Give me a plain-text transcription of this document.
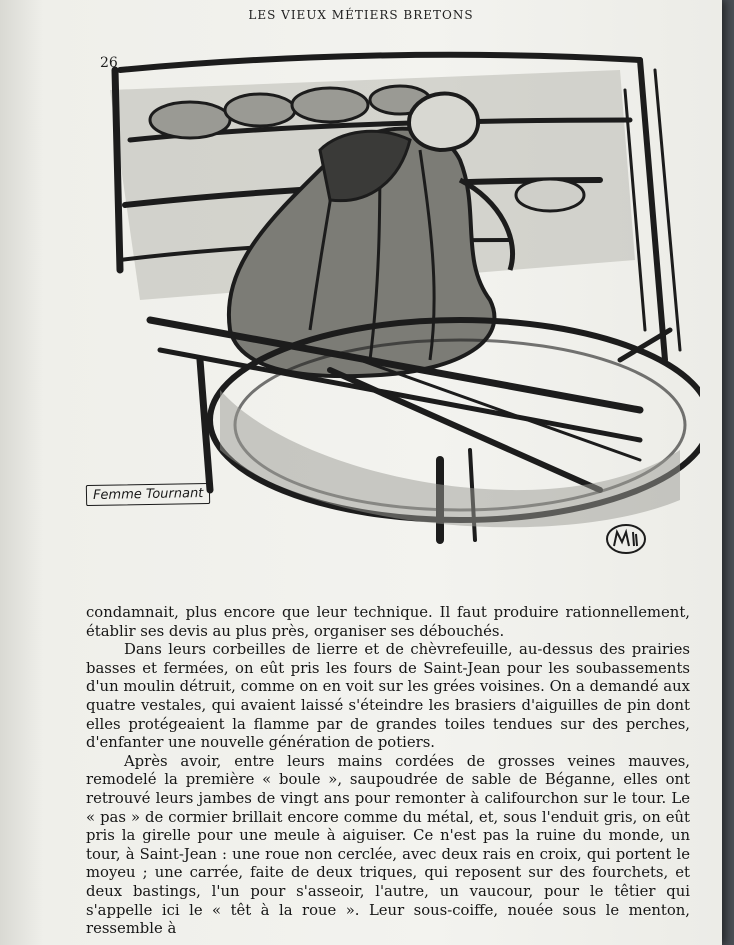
LES VIEUX MÉTIERS BRETONS
26
Femme Tournant

condamnait, plus encore que leur technique. Il faut produire rationnellement, établir ses devis au plus près, organiser ses débouchés.

Dans leurs corbeilles de lierre et de chèvrefeuille, au-dessus des prairies basses et fermées, on eût pris les fours de Saint-Jean pour les soubassements d'un moulin détruit, comme on en voit sur les grées voisines. On a demandé aux quatre vestales, qui avaient laissé s'éteindre les brasiers d'aiguilles de pin dont elles protégeaient la flamme par de grandes toiles tendues sur des perches, d'enfanter une nouvelle génération de potiers.

Après avoir, entre leurs mains cordées de grosses veines mauves, remodelé la première « boule », saupoudrée de sable de Béganne, elles ont retrouvé leurs jambes de vingt ans pour remonter à califourchon sur le tour. Le « pas » de cormier brillait encore comme du métal, et, sous l'enduit gris, on eût pris la girelle pour une meule à aiguiser. Ce n'est pas la ruine du monde, un tour, à Saint-Jean : une roue non cerclée, avec deux rais en croix, qui portent le moyeu ; une carrée, faite de deux triques, qui reposent sur des fourchets, et deux bastings, l'un pour s'asseoir, l'autre, un vaucour, pour le têtier qui s'appelle ici le « têt à la roue ». Leur sous-coiffe, nouée sous le menton, ressemble à
